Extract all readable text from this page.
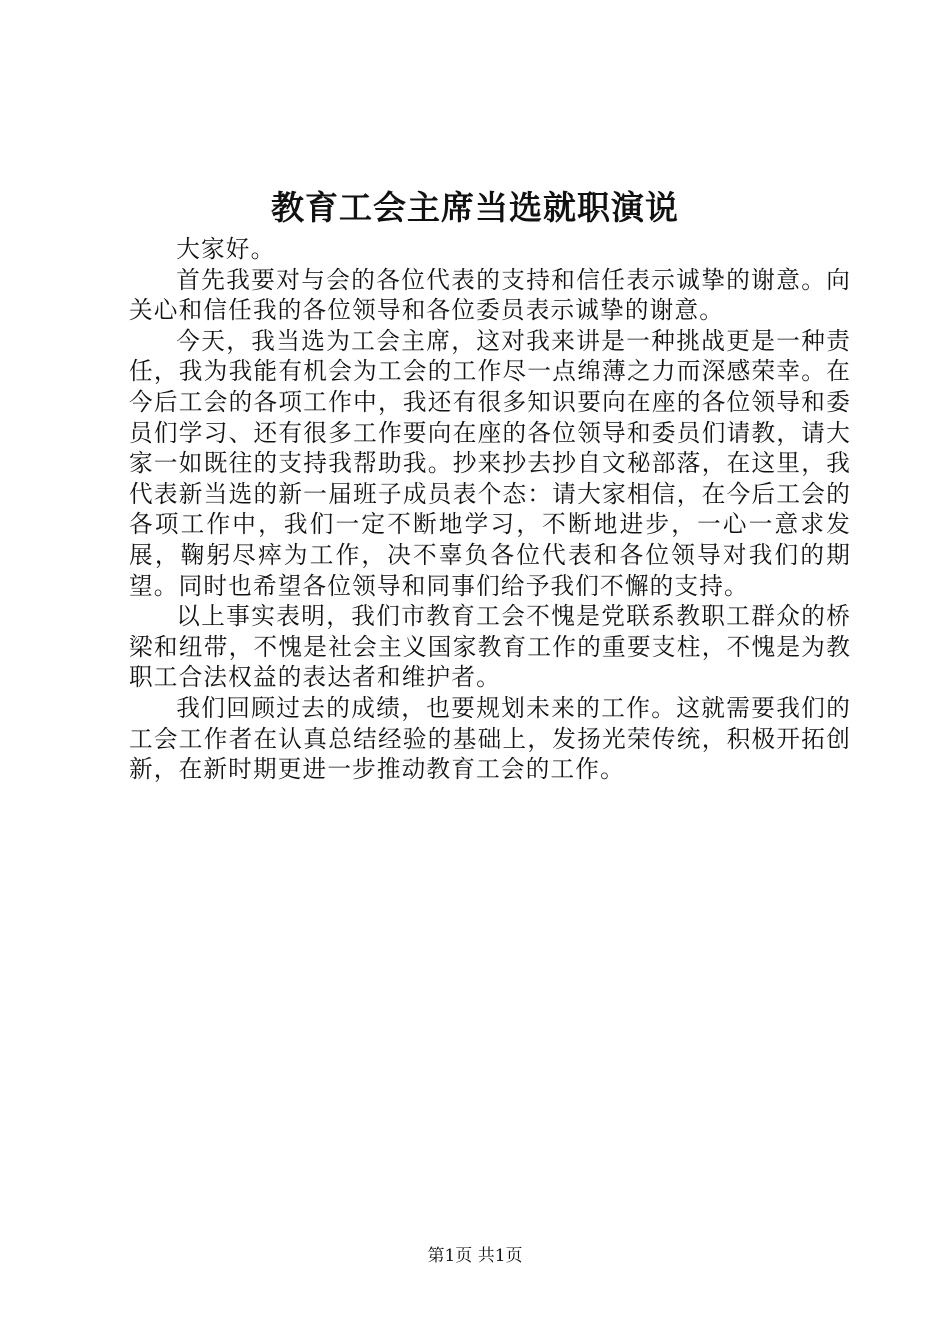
教育工会主席当选就职演说

大家好。

首先我要对与会的各位代表的支持和信任表示诚挚的谢意。向关心和信任我的各位领导和各位委员表示诚挚的谢意。

今天，我当选为工会主席，这对我来讲是一种挑战更是一种责任，我为我能有机会为工会的工作尽一点绵薄之力而深感荣幸。在今后工会的各项工作中，我还有很多知识要向在座的各位领导和委员们学习、还有很多工作要向在座的各位领导和委员们请教，请大家一如既往的支持我帮助我。抄来抄去抄自文秘部落，在这里，我代表新当选的新一届班子成员表个态：请大家相信，在今后工会的各项工作中，我们一定不断地学习，不断地进步，一心一意求发展，鞠躬尽瘁为工作，决不辜负各位代表和各位领导对我们的期望。同时也希望各位领导和同事们给予我们不懈的支持。

以上事实表明，我们市教育工会不愧是党联系教职工群众的桥梁和纽带，不愧是社会主义国家教育工作的重要支柱，不愧是为教职工合法权益的表达者和维护者。

我们回顾过去的成绩，也要规划未来的工作。这就需要我们的工会工作者在认真总结经验的基础上，发扬光荣传统，积极开拓创新，在新时期更进一步推动教育工会的工作。

第1页 共1页
